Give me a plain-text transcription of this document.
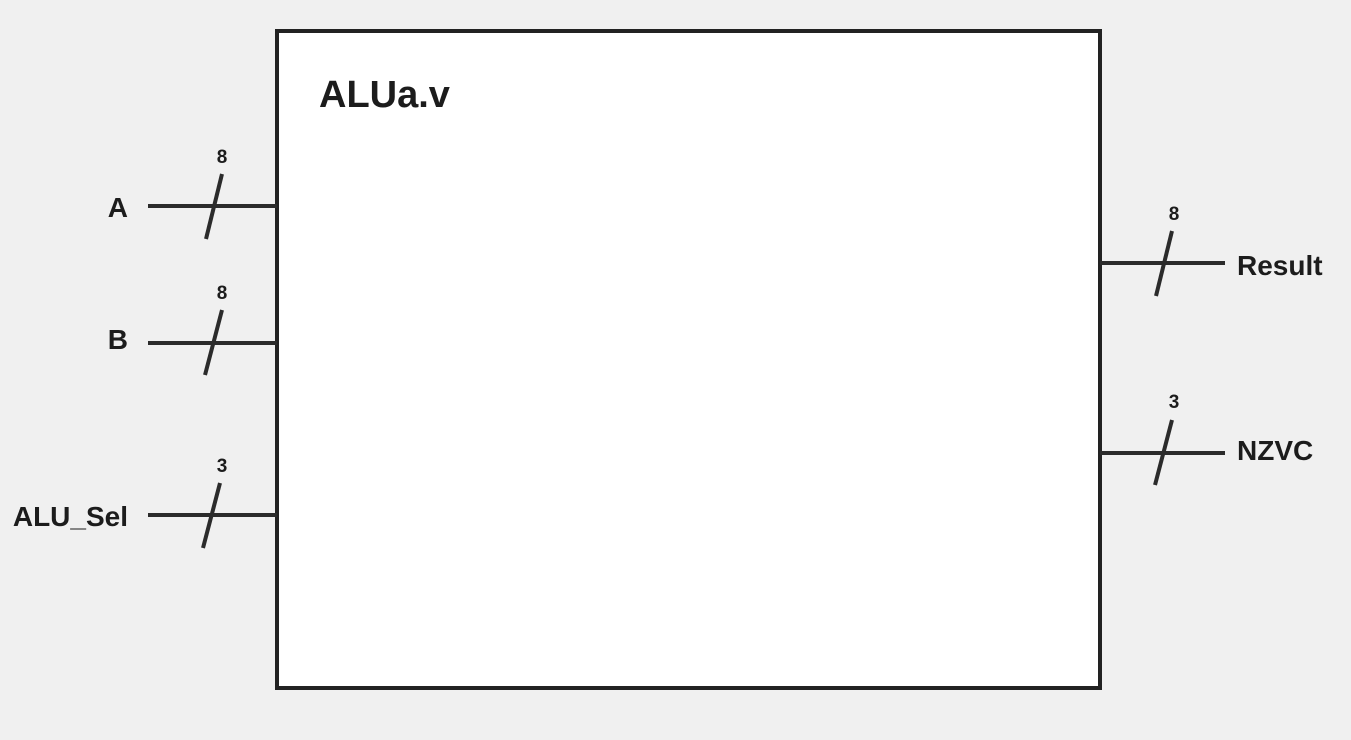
ALUa.v
8
A
8
B
3
ALU_Sel
8
Result
3
NZVC
